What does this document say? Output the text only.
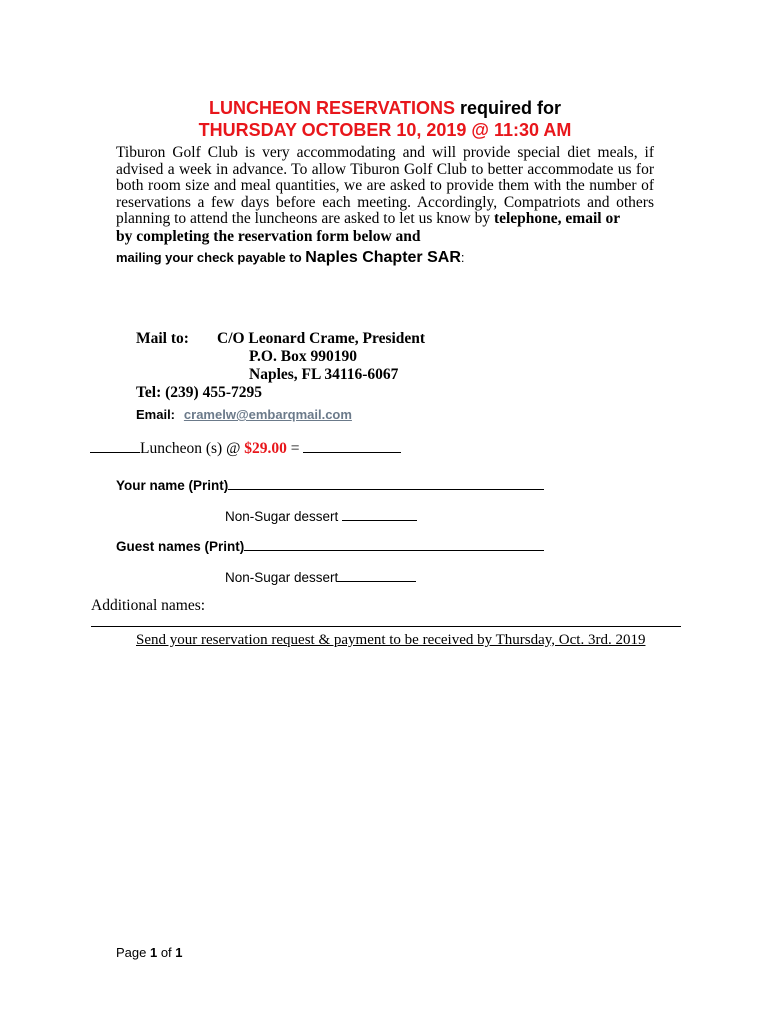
LUNCHEON RESERVATIONS required for
THURSDAY OCTOBER 10, 2019 @ 11:30 AM
Tiburon Golf Club is very accommodating and will provide special diet meals, if advised a week in advance. To allow Tiburon Golf Club to better accommodate us for both room size and meal quantities, we are asked to provide them with the number of reservations a few days before each meeting. Accordingly, Compatriots and others planning to attend the luncheons are asked to let us know by telephone, email or
by completing the reservation form below and
mailing your check payable to Naples Chapter SAR:
Mail to: C/O Leonard Crame, President
P.O. Box 990190
Naples, FL 34116-6067
Tel: (239) 455-7295
Email: cramelw@embarqmail.com
Luncheon (s) @ $29.00 =
Your name (Print)
Non-Sugar dessert
Guest names (Print)
Non-Sugar dessert
Additional names:
Send your reservation request & payment to be received by Thursday, Oct. 3rd. 2019
Page 1 of 1
